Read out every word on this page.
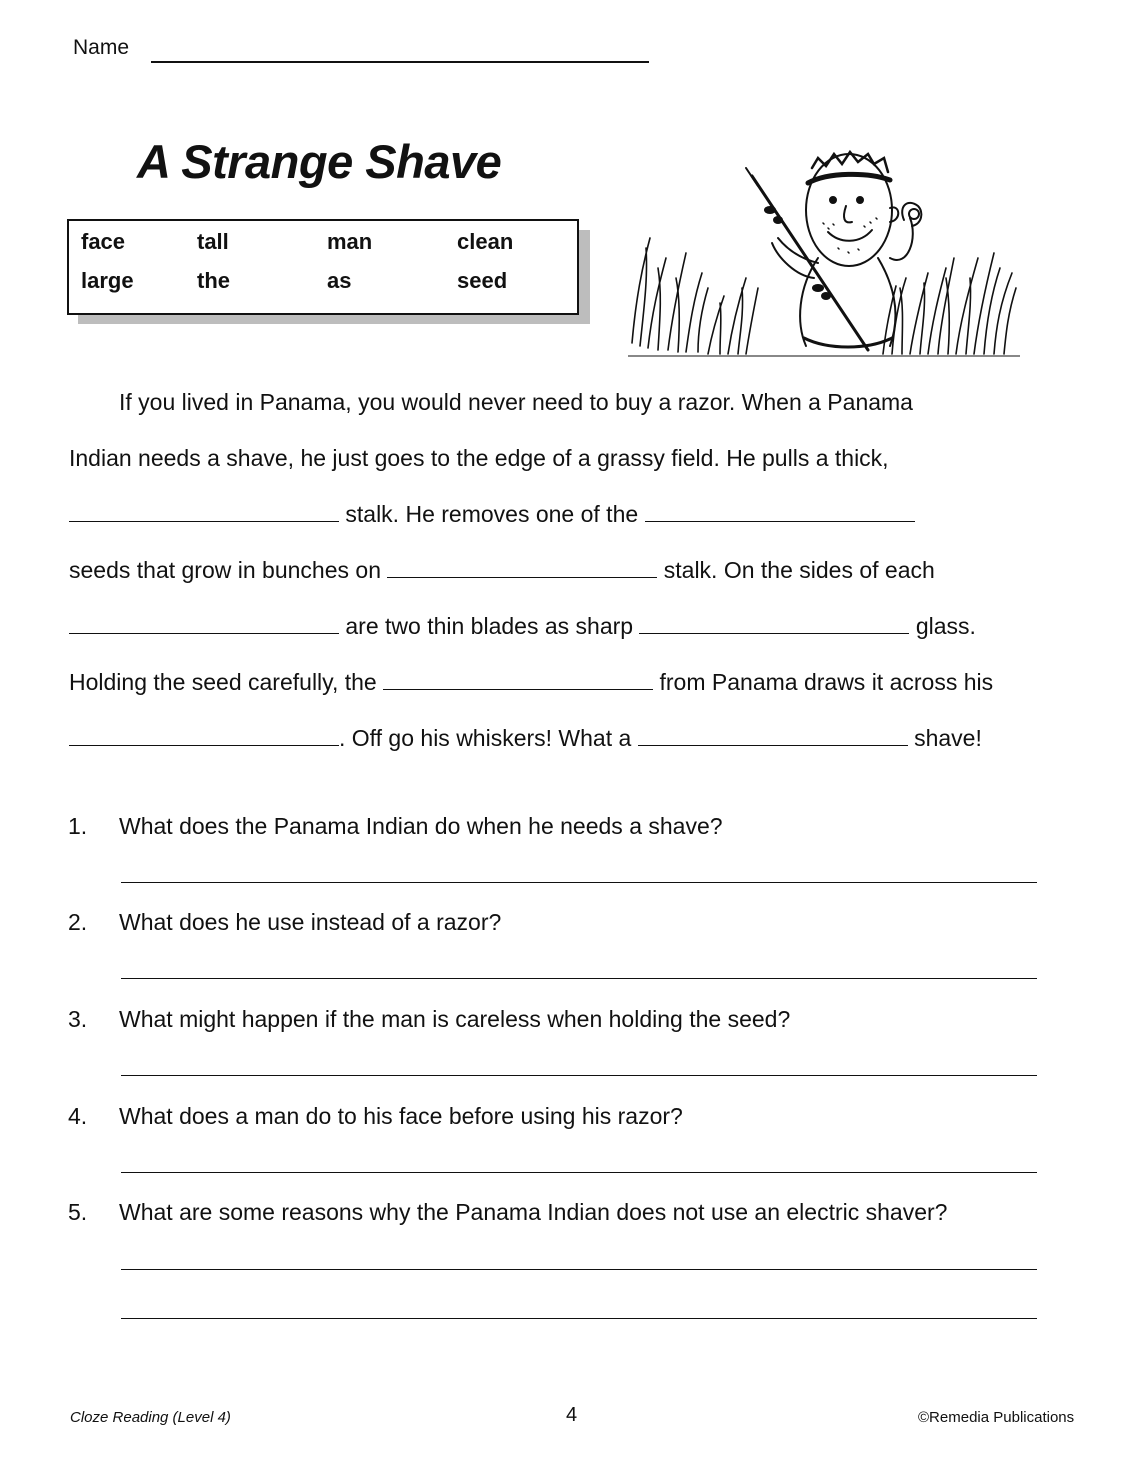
Name
A Strange Shave
face	tall	man	clean
large	the	as	seed
If you lived in Panama, you would never need to buy a razor. When a Panama
Indian needs a shave, he just goes to the edge of a grassy field. He pulls a thick,
stalk. He removes one of the
seeds that grow in bunches on	stalk. On the sides of each
are two thin blades as sharp	glass.
Holding the seed carefully, the	from Panama draws it across his
. Off go his whiskers! What a	shave!
1. What does the Panama Indian do when he needs a shave?
2. What does he use instead of a razor?
3. What might happen if the man is careless when holding the seed?
4. What does a man do to his face before using his razor?
5. What are some reasons why the Panama Indian does not use an electric shaver?
Cloze Reading (Level 4)	4	©Remedia Publications
